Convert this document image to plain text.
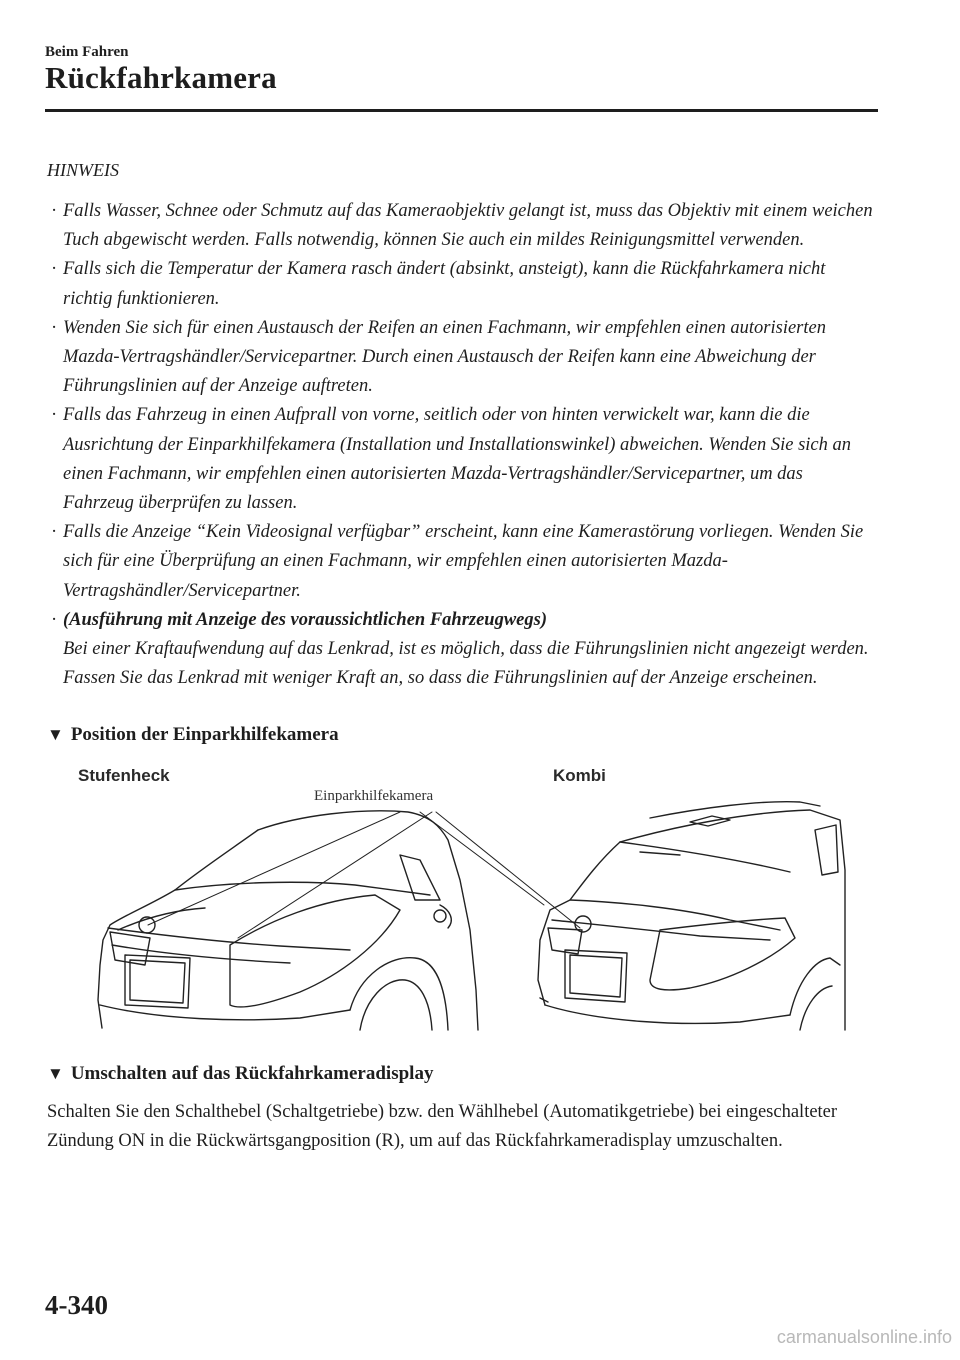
Beim Fahren
Rückfahrkamera
HINWEIS
· Falls Wasser, Schnee oder Schmutz auf das Kameraobjektiv gelangt ist, muss das Objektiv mit einem weichen Tuch abgewischt werden. Falls notwendig, können Sie auch ein mildes Reinigungsmittel verwenden.
· Falls sich die Temperatur der Kamera rasch ändert (absinkt, ansteigt), kann die Rückfahrkamera nicht richtig funktionieren.
· Wenden Sie sich für einen Austausch der Reifen an einen Fachmann, wir empfehlen einen autorisierten Mazda-Vertragshändler/Servicepartner. Durch einen Austausch der Reifen kann eine Abweichung der Führungslinien auf der Anzeige auftreten.
· Falls das Fahrzeug in einen Aufprall von vorne, seitlich oder von hinten verwickelt war, kann die die Ausrichtung der Einparkhilfekamera (Installation und Installationswinkel) abweichen. Wenden Sie sich an einen Fachmann, wir empfehlen einen autorisierten Mazda-Vertragshändler/Servicepartner, um das Fahrzeug überprüfen zu lassen.
· Falls die Anzeige “Kein Videosignal verfügbar” erscheint, kann eine Kamerastörung vorliegen. Wenden Sie sich für eine Überprüfung an einen Fachmann, wir empfehlen einen autorisierten Mazda-Vertragshändler/Servicepartner.
· (Ausführung mit Anzeige des voraussichtlichen Fahrzeugwegs)
Bei einer Kraftaufwendung auf das Lenkrad, ist es möglich, dass die Führungslinien nicht angezeigt werden. Fassen Sie das Lenkrad mit weniger Kraft an, so dass die Führungslinien auf der Anzeige erscheinen.
▼ Position der Einparkhilfekamera
Stufenheck	Kombi
Einparkhilfekamera
▼ Umschalten auf das Rückfahrkameradisplay
Schalten Sie den Schalthebel (Schaltgetriebe) bzw. den Wählhebel (Automatikgetriebe) bei eingeschalteter Zündung ON in die Rückwärtsgangposition (R), um auf das Rückfahrkameradisplay umzuschalten.
4-340
carmanualsonline.info
